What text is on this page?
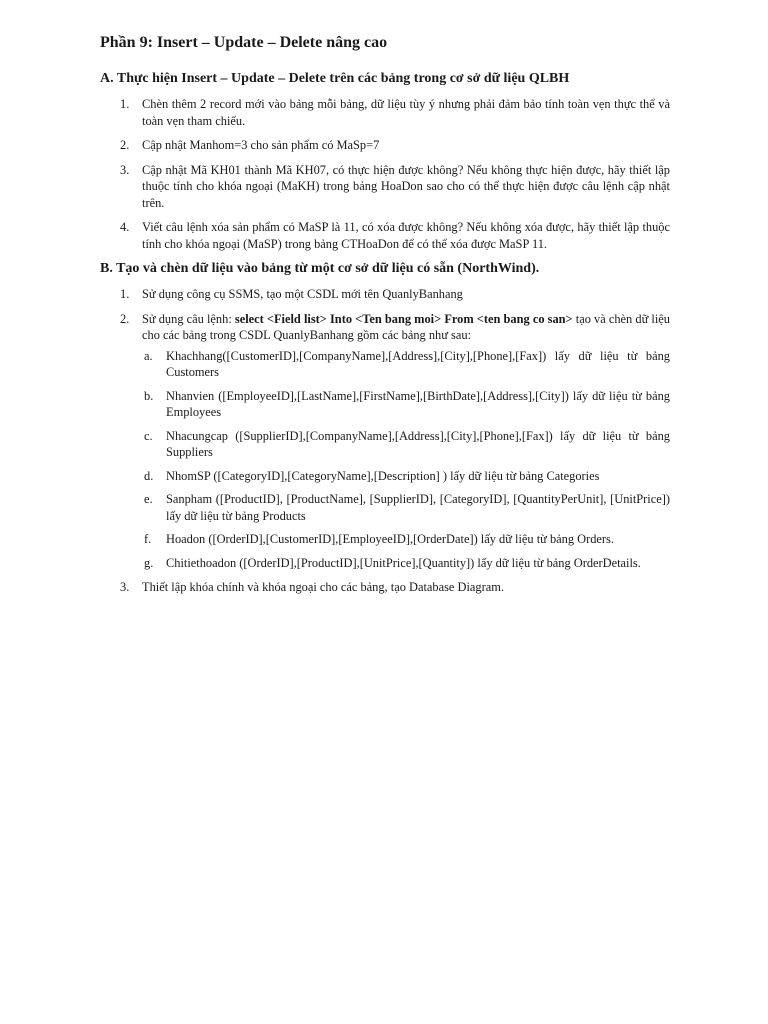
Phần 9: Insert – Update – Delete nâng cao
A. Thực hiện Insert – Update – Delete trên các bảng trong cơ sở dữ liệu QLBH
1. Chèn thêm 2 record mới vào bảng mỗi bảng, dữ liệu tùy ý nhưng phải đảm bảo tính toàn vẹn thực thể và toàn vẹn tham chiếu.
2. Cập nhật Manhom=3 cho sản phẩm có MaSp=7
3. Cập nhật Mã KH01 thành Mã KH07, có thực hiện được không? Nếu không thực hiện được, hãy thiết lập thuộc tính cho khóa ngoại (MaKH) trong bảng HoaDon sao cho có thể thực hiện được câu lệnh cập nhật trên.
4. Viết câu lệnh xóa sản phẩm có MaSP là 11, có xóa được không? Nếu không xóa được, hãy thiết lập thuộc tính cho khóa ngoại (MaSP) trong bảng CTHoaDon để có thể xóa được MaSP 11.
B. Tạo và chèn dữ liệu vào bảng từ một cơ sở dữ liệu có sẵn (NorthWind).
1. Sử dụng công cụ SSMS, tạo một CSDL mới tên QuanlyBanhang
2. Sử dụng câu lệnh: select <Field list> Into <Ten bang moi> From <ten bang co san> tạo và chèn dữ liệu cho các bảng trong CSDL QuanlyBanhang gồm các bảng như sau:
a. Khachhang([CustomerID],[CompanyName],[Address],[City],[Phone],[Fax]) lấy dữ liệu từ bảng Customers
b. Nhanvien ([EmployeeID],[LastName],[FirstName],[BirthDate],[Address],[City]) lấy dữ liệu từ bảng Employees
c. Nhacungcap ([SupplierID],[CompanyName],[Address],[City],[Phone],[Fax]) lấy dữ liệu từ bảng Suppliers
d. NhomSP ([CategoryID],[CategoryName],[Description] ) lấy dữ liệu từ bảng Categories
e. Sanpham ([ProductID], [ProductName], [SupplierID], [CategoryID], [QuantityPerUnit], [UnitPrice]) lấy dữ liệu từ bảng Products
f. Hoadon ([OrderID],[CustomerID],[EmployeeID],[OrderDate]) lấy dữ liệu từ bảng Orders.
g. Chitiethoadon ([OrderID],[ProductID],[UnitPrice],[Quantity]) lấy dữ liệu từ bảng OrderDetails.
3. Thiết lập khóa chính và khóa ngoại cho các bảng, tạo Database Diagram.
